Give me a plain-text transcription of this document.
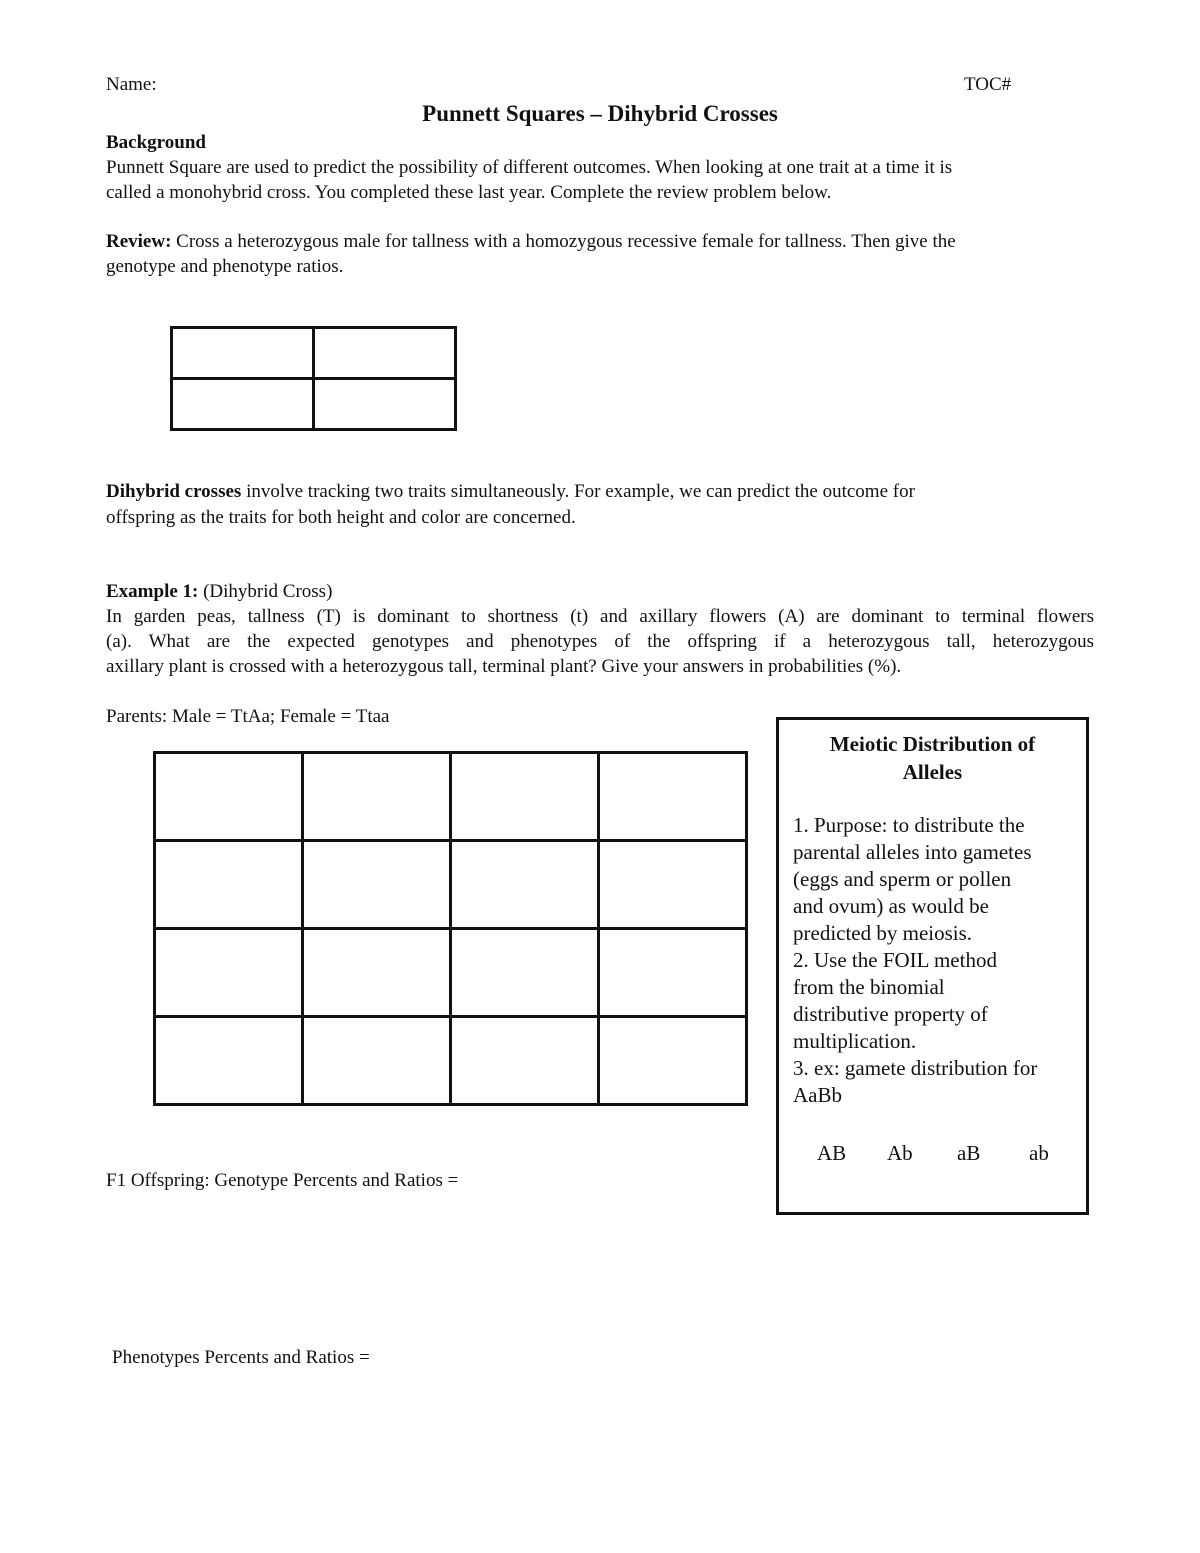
Name:	TOC#
Punnett Squares – Dihybrid Crosses
Background
Punnett Square are used to predict the possibility of different outcomes. When looking at one trait at a time it is
called a monohybrid cross. You completed these last year. Complete the review problem below.
Review: Cross a heterozygous male for tallness with a homozygous recessive female for tallness. Then give the
genotype and phenotype ratios.

Dihybrid crosses involve tracking two traits simultaneously. For example, we can predict the outcome for
offspring as the traits for both height and color are concerned.
Example 1: (Dihybrid Cross)
In garden peas, tallness (T) is dominant to shortness (t) and axillary flowers (A) are dominant to terminal flowers
(a). What are the expected genotypes and phenotypes of the offspring if a heterozygous tall, heterozygous
axillary plant is crossed with a heterozygous tall, terminal plant? Give your answers in probabilities (%).
Parents: Male = TtAa; Female = Ttaa

Meiotic Distribution of
Alleles
1. Purpose: to distribute the
parental alleles into gametes
(eggs and sperm or pollen
and ovum) as would be
predicted by meiosis.
2. Use the FOIL method
from the binomial
distributive property of
multiplication.
3. ex: gamete distribution for
AaBb
AB Ab aB ab
F1 Offspring: Genotype Percents and Ratios =
Phenotypes Percents and Ratios =
